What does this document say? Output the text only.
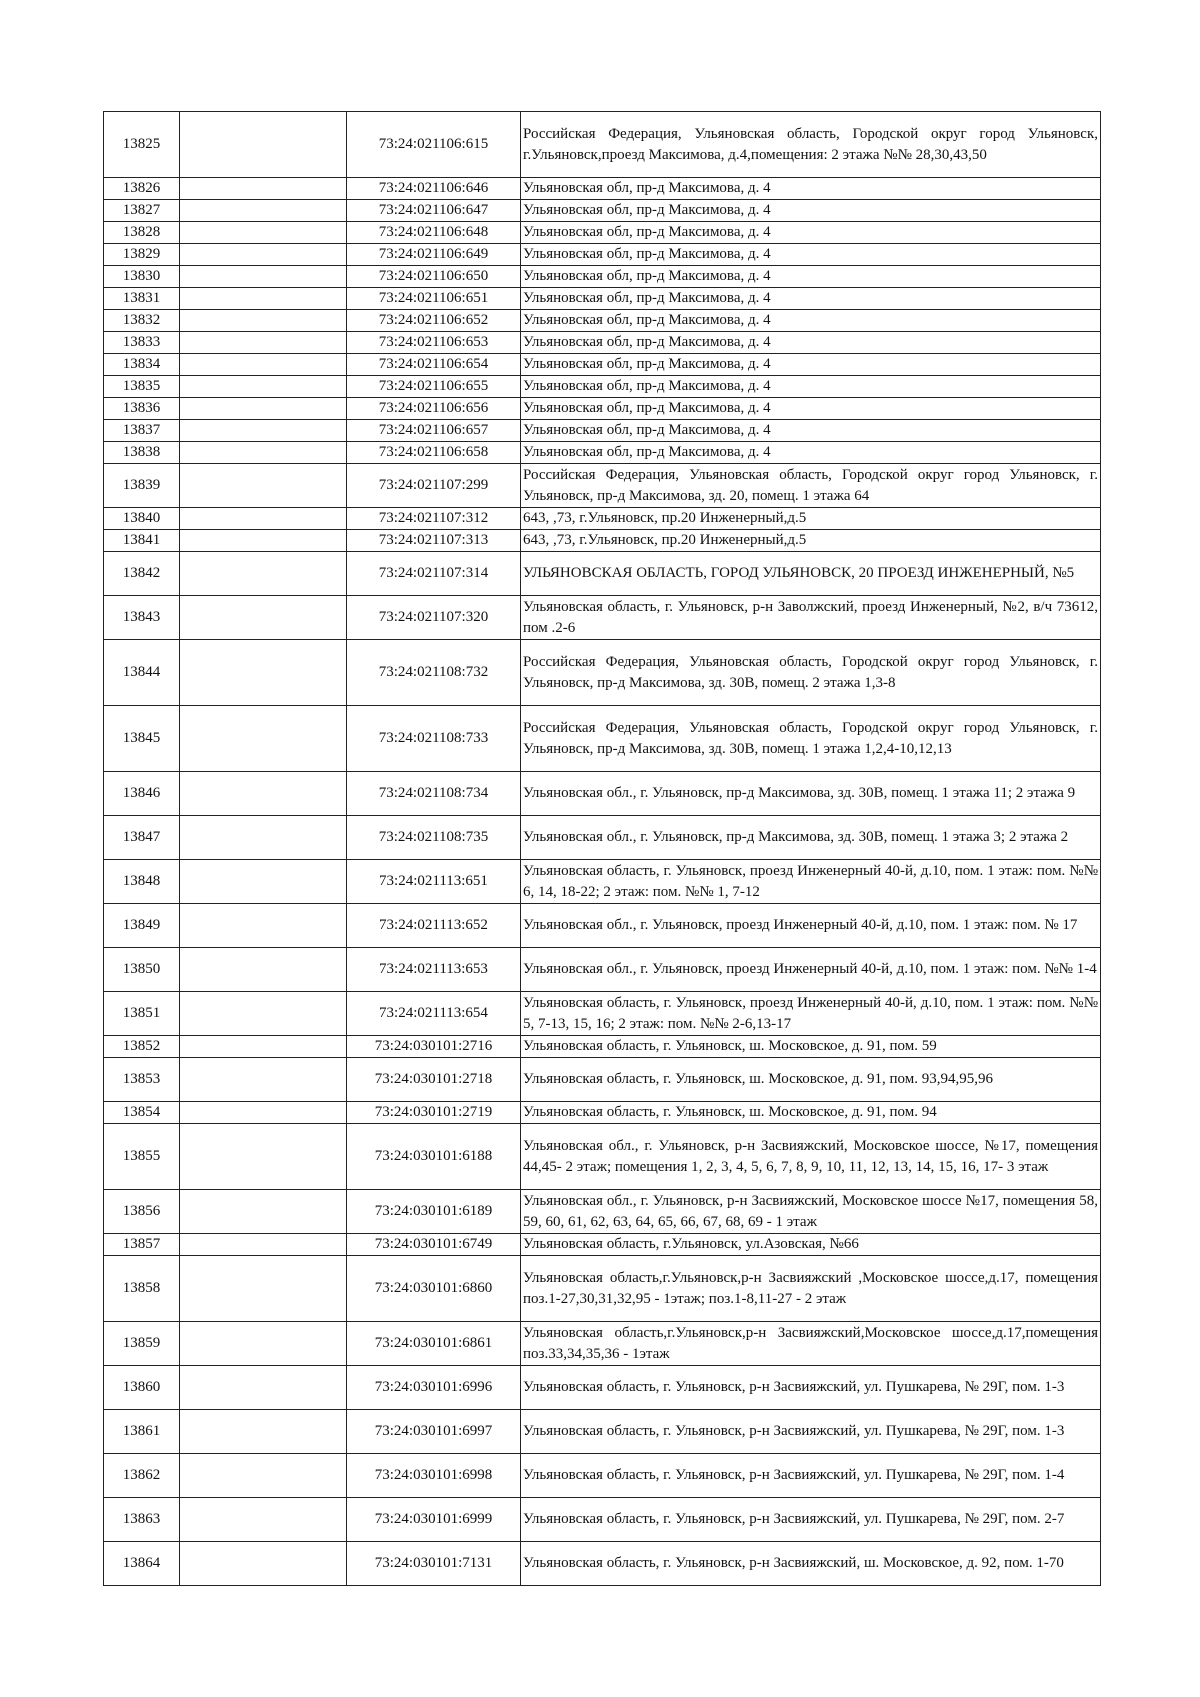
13825		73:24:021106:615	Российская Федерация, Ульяновская область, Городской округ город Ульяновск, г.Ульяновск,проезд Максимова, д.4,помещения: 2 этажа №№ 28,30,43,50
13826		73:24:021106:646	Ульяновская обл, пр-д Максимова, д. 4
13827		73:24:021106:647	Ульяновская обл, пр-д Максимова, д. 4
13828		73:24:021106:648	Ульяновская обл, пр-д Максимова, д. 4
13829		73:24:021106:649	Ульяновская обл, пр-д Максимова, д. 4
13830		73:24:021106:650	Ульяновская обл, пр-д Максимова, д. 4
13831		73:24:021106:651	Ульяновская обл, пр-д Максимова, д. 4
13832		73:24:021106:652	Ульяновская обл, пр-д Максимова, д. 4
13833		73:24:021106:653	Ульяновская обл, пр-д Максимова, д. 4
13834		73:24:021106:654	Ульяновская обл, пр-д Максимова, д. 4
13835		73:24:021106:655	Ульяновская обл, пр-д Максимова, д. 4
13836		73:24:021106:656	Ульяновская обл, пр-д Максимова, д. 4
13837		73:24:021106:657	Ульяновская обл, пр-д Максимова, д. 4
13838		73:24:021106:658	Ульяновская обл, пр-д Максимова, д. 4
13839		73:24:021107:299	Российская Федерация, Ульяновская область, Городской округ город Ульяновск, г. Ульяновск, пр-д Максимова, зд. 20, помещ. 1 этажа 64
13840		73:24:021107:312	643, ,73, г.Ульяновск, пр.20 Инженерный,д.5
13841		73:24:021107:313	643, ,73, г.Ульяновск, пр.20 Инженерный,д.5
13842		73:24:021107:314	УЛЬЯНОВСКАЯ ОБЛАСТЬ, ГОРОД УЛЬЯНОВСК, 20 ПРОЕЗД ИНЖЕНЕРНЫЙ, №5
13843		73:24:021107:320	Ульяновская область, г. Ульяновск, р-н Заволжский, проезд Инженерный, №2, в/ч 73612, пом .2-6
13844		73:24:021108:732	Российская Федерация, Ульяновская область, Городской округ город Ульяновск, г. Ульяновск, пр-д Максимова, зд. 30В, помещ. 2 этажа 1,3-8
13845		73:24:021108:733	Российская Федерация, Ульяновская область, Городской округ город Ульяновск, г. Ульяновск, пр-д Максимова, зд. 30В, помещ. 1 этажа 1,2,4-10,12,13
13846		73:24:021108:734	Ульяновская обл., г. Ульяновск, пр-д Максимова, зд. 30В, помещ. 1 этажа 11; 2 этажа 9
13847		73:24:021108:735	Ульяновская обл., г. Ульяновск, пр-д Максимова, зд. 30В, помещ. 1 этажа 3; 2 этажа 2
13848		73:24:021113:651	Ульяновская область, г. Ульяновск, проезд Инженерный 40-й, д.10, пом. 1 этаж: пом. №№ 6, 14, 18-22; 2 этаж: пом. №№ 1, 7-12
13849		73:24:021113:652	Ульяновская обл., г. Ульяновск, проезд Инженерный 40-й, д.10, пом. 1 этаж: пом. № 17
13850		73:24:021113:653	Ульяновская обл., г. Ульяновск, проезд Инженерный 40-й, д.10, пом. 1 этаж: пом. №№ 1-4
13851		73:24:021113:654	Ульяновская область, г. Ульяновск, проезд Инженерный 40-й, д.10, пом. 1 этаж: пом. №№ 5, 7-13, 15, 16; 2 этаж: пом. №№ 2-6,13-17
13852		73:24:030101:2716	Ульяновская область, г. Ульяновск, ш. Московское, д. 91, пом. 59
13853		73:24:030101:2718	Ульяновская область, г. Ульяновск, ш. Московское, д. 91, пом. 93,94,95,96
13854		73:24:030101:2719	Ульяновская область, г. Ульяновск, ш. Московское, д. 91, пом. 94
13855		73:24:030101:6188	Ульяновская обл., г. Ульяновск, р-н Засвияжский, Московское шоссе, №17, помещения 44,45- 2 этаж; помещения 1, 2, 3, 4, 5, 6, 7, 8, 9, 10, 11, 12, 13, 14, 15, 16, 17- 3 этаж
13856		73:24:030101:6189	Ульяновская обл., г. Ульяновск, р-н Засвияжский, Московское шоссе №17, помещения 58, 59, 60, 61, 62, 63, 64, 65, 66, 67, 68, 69 - 1 этаж
13857		73:24:030101:6749	Ульяновская область, г.Ульяновск, ул.Азовская, №66
13858		73:24:030101:6860	Ульяновская область,г.Ульяновск,р-н Засвияжский ,Московское шоссе,д.17, помещения поз.1-27,30,31,32,95 - 1этаж; поз.1-8,11-27 - 2 этаж
13859		73:24:030101:6861	Ульяновская область,г.Ульяновск,р-н Засвияжский,Московское шоссе,д.17,помещения поз.33,34,35,36 - 1этаж
13860		73:24:030101:6996	Ульяновская область, г. Ульяновск, р-н Засвияжский, ул. Пушкарева, № 29Г, пом. 1-3
13861		73:24:030101:6997	Ульяновская область, г. Ульяновск, р-н Засвияжский, ул. Пушкарева, № 29Г, пом. 1-3
13862		73:24:030101:6998	Ульяновская область, г. Ульяновск, р-н Засвияжский, ул. Пушкарева, № 29Г, пом. 1-4
13863		73:24:030101:6999	Ульяновская область, г. Ульяновск, р-н Засвияжский, ул. Пушкарева, № 29Г, пом. 2-7
13864		73:24:030101:7131	Ульяновская область, г. Ульяновск, р-н Засвияжский, ш. Московское, д. 92, пом. 1-70
